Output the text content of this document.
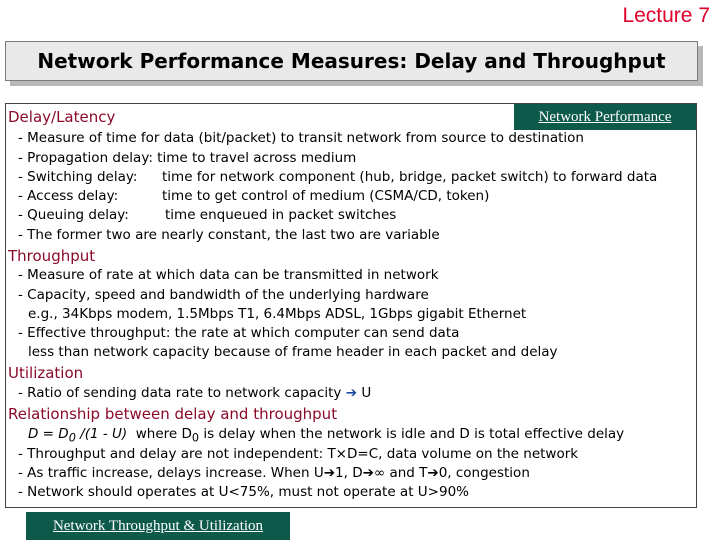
Lecture 7
Network Performance Measures: Delay and Throughput
Network Performance
Delay/Latency
- Measure of time for data (bit/packet) to transit network from source to destination
- Propagation delay: time to travel across medium
- Switching delay: time for network component (hub, bridge, packet switch) to forward data
- Access delay:	time to get control of medium (CSMA/CD, token)
- Queuing delay:	time enqueued in packet switches
- The former two are nearly constant, the last two are variable
Throughput
- Measure of rate at which data can be transmitted in network
- Capacity, speed and bandwidth of the underlying hardware
e.g., 34Kbps modem, 1.5Mbps T1, 6.4Mbps ADSL, 1Gbps gigabit Ethernet
- Effective throughput: the rate at which computer can send data
less than network capacity because of frame header in each packet and delay
Utilization
- Ratio of sending data rate to network capacity ➔ U
Relationship between delay and throughput
$D = D_0$ /(1 - U) where $D_0$ is delay when the network is idle and D is total effective delay
- Throughput and delay are not independent: T×D=C, data volume on the network
- As traffic increase, delays increase. When U➔1, D➔∞ and T➔0, congestion
- Network should operates at U<75%, must not operate at U>90%
Network Throughput & Utilization
